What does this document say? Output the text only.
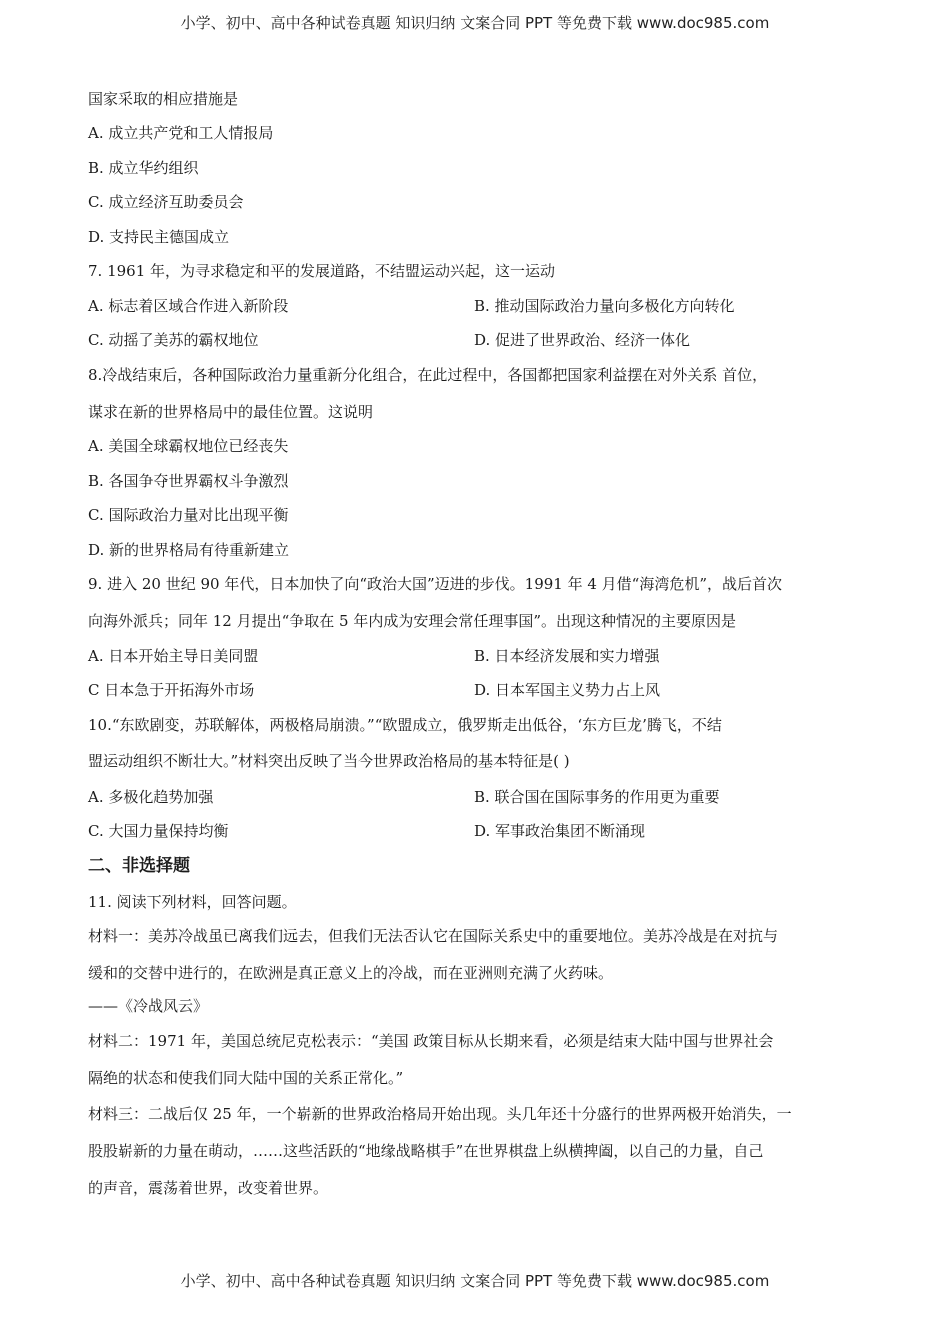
小学、初中、高中各种试卷真题 知识归纳 文案合同 PPT 等免费下载 www.doc985.com
国家采取的相应措施是
A. 成立共产党和工人情报局
B. 成立华约组织
C. 成立经济互助委员会
D. 支持民主德国成立
7. 1961 年，为寻求稳定和平的发展道路，不结盟运动兴起，这一运动
A. 标志着区域合作进入新阶段	B. 推动国际政治力量向多极化方向转化
C. 动摇了美苏的霸权地位	D. 促进了世界政治、经济一体化
8.冷战结束后，各种国际政治力量重新分化组合，在此过程中，各国都把国家利益摆在对外关系 首位，
谋求在新的世界格局中的最佳位置。这说明
A. 美国全球霸权地位已经丧失
B. 各国争夺世界霸权斗争激烈
C. 国际政治力量对比出现平衡
D. 新的世界格局有待重新建立
9. 进入 20 世纪 90 年代，日本加快了向“政治大国”迈进的步伐。1991 年 4 月借“海湾危机”，战后首次
向海外派兵；同年 12 月提出“争取在 5 年内成为安理会常任理事国”。出现这种情况的主要原因是
A. 日本开始主导日美同盟	B. 日本经济发展和实力增强
C 日本急于开拓海外市场	D. 日本军国主义势力占上风
10.“东欧剧变，苏联解体，两极格局崩溃。”“欧盟成立，俄罗斯走出低谷，‘东方巨龙’腾飞，不结
盟运动组织不断壮大。”材料突出反映了当今世界政治格局的基本特征是( )
A. 多极化趋势加强	B. 联合国在国际事务的作用更为重要
C. 大国力量保持均衡	D. 军事政治集团不断涌现
二、非选择题
11. 阅读下列材料，回答问题。
材料一：美苏冷战虽已离我们远去，但我们无法否认它在国际关系史中的重要地位。美苏冷战是在对抗与
缓和的交替中进行的，在欧洲是真正意义上的冷战，而在亚洲则充满了火药味。
——《冷战风云》
材料二：1971 年，美国总统尼克松表示：“美国 政策目标从长期来看，必须是结束大陆中国与世界社会
隔绝的状态和使我们同大陆中国的关系正常化。”
材料三：二战后仅 25 年，一个崭新的世界政治格局开始出现。头几年还十分盛行的世界两极开始消失，一
股股崭新的力量在萌动，……这些活跃的“地缘战略棋手”在世界棋盘上纵横捭阖，以自己的力量，自己
的声音，震荡着世界，改变着世界。
小学、初中、高中各种试卷真题 知识归纳 文案合同 PPT 等免费下载 www.doc985.com
